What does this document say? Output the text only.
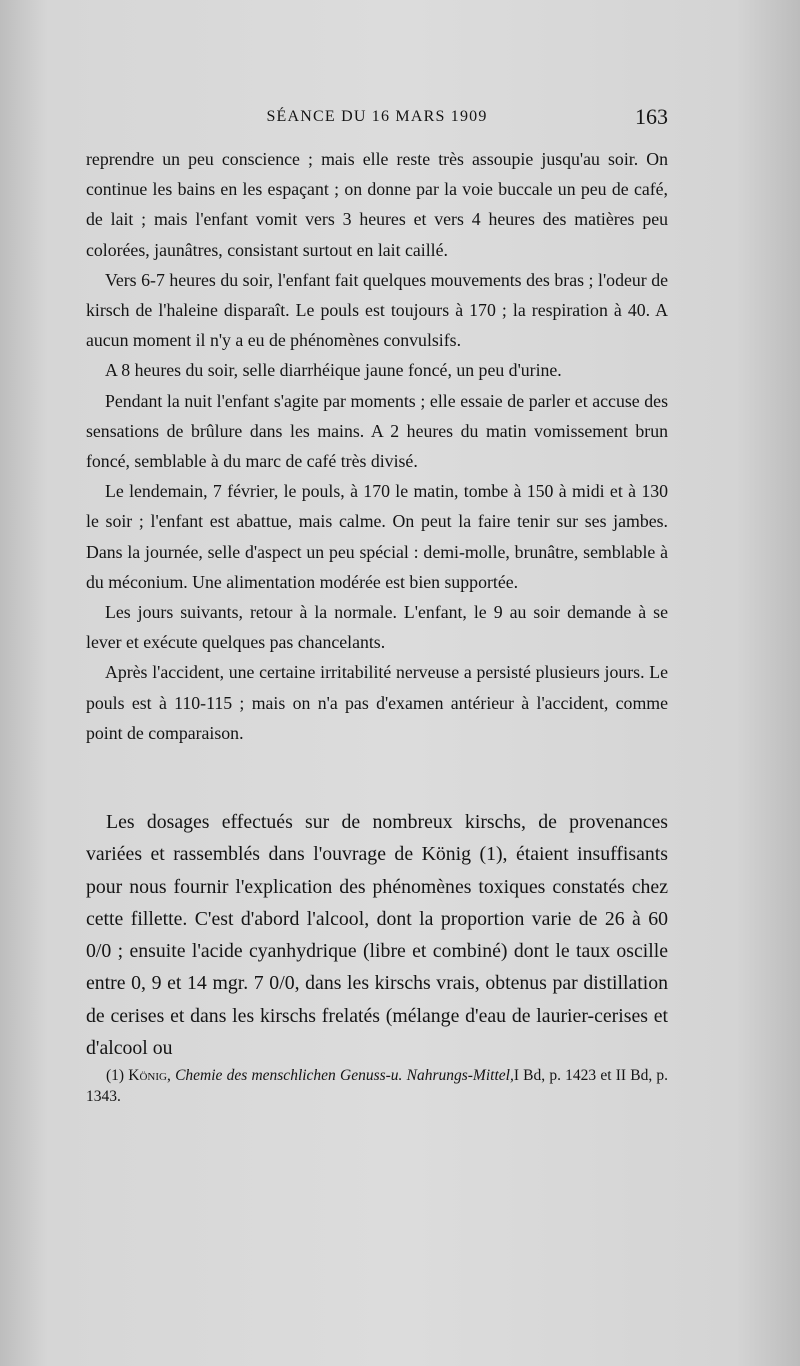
SÉANCE DU 16 MARS 1909	163

reprendre un peu conscience ; mais elle reste très assoupie jusqu'au soir. On continue les bains en les espaçant ; on donne par la voie buccale un peu de café, de lait ; mais l'enfant vomit vers 3 heures et vers 4 heures des matières peu colorées, jaunâtres, consistant surtout en lait caillé.

Vers 6-7 heures du soir, l'enfant fait quelques mouvements des bras ; l'odeur de kirsch de l'haleine disparaît. Le pouls est toujours à 170 ; la respiration à 40. A aucun moment il n'y a eu de phénomènes convulsifs.

A 8 heures du soir, selle diarrhéique jaune foncé, un peu d'urine.

Pendant la nuit l'enfant s'agite par moments ; elle essaie de parler et accuse des sensations de brûlure dans les mains. A 2 heures du matin vomissement brun foncé, semblable à du marc de café très divisé.

Le lendemain, 7 février, le pouls, à 170 le matin, tombe à 150 à midi et à 130 le soir ; l'enfant est abattue, mais calme. On peut la faire tenir sur ses jambes. Dans la journée, selle d'aspect un peu spécial : demi-molle, brunâtre, semblable à du méconium. Une alimentation modérée est bien supportée.

Les jours suivants, retour à la normale. L'enfant, le 9 au soir demande à se lever et exécute quelques pas chancelants.

Après l'accident, une certaine irritabilité nerveuse a persisté plusieurs jours. Le pouls est à 110-115 ; mais on n'a pas d'examen antérieur à l'accident, comme point de comparaison.

Les dosages effectués sur de nombreux kirschs, de provenances variées et rassemblés dans l'ouvrage de König (1), étaient insuffisants pour nous fournir l'explication des phénomènes toxiques constatés chez cette fillette. C'est d'abord l'alcool, dont la proportion varie de 26 à 60 0/0 ; ensuite l'acide cyanhydrique (libre et combiné) dont le taux oscille entre 0, 9 et 14 mgr. 7 0/0, dans les kirschs vrais, obtenus par distillation de cerises et dans les kirschs frelatés (mélange d'eau de laurier-cerises et d'alcool ou

(1) König, Chemie des menschlichen Genuss-u. Nahrungs-Mittel,I Bd, p. 1423 et II Bd, p. 1343.
